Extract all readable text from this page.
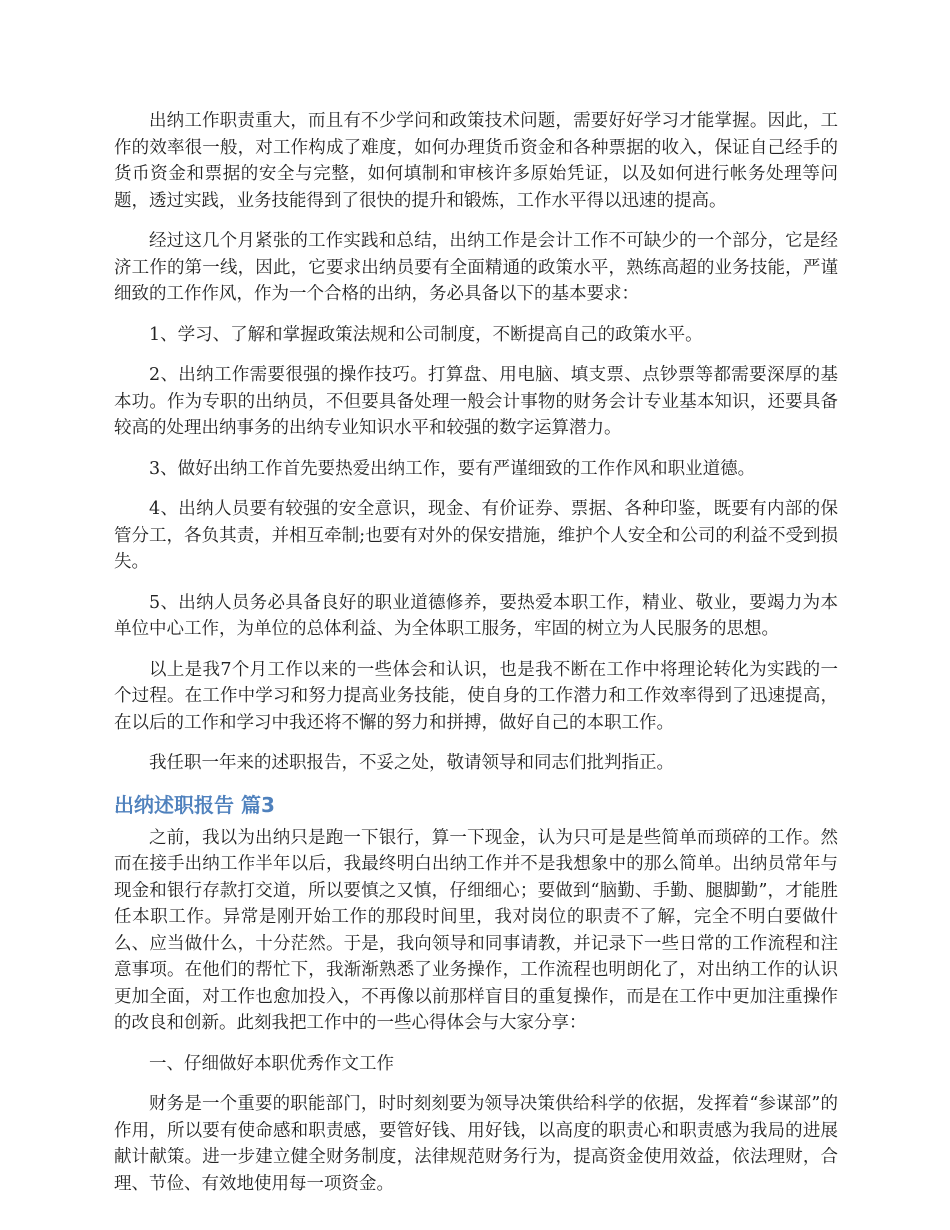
出纳工作职责重大，而且有不少学问和政策技术问题，需要好好学习才能掌握。因此，工作的效率很一般，对工作构成了难度，如何办理货币资金和各种票据的收入，保证自己经手的货币资金和票据的安全与完整，如何填制和审核许多原始凭证，以及如何进行帐务处理等问题，透过实践，业务技能得到了很快的提升和锻炼，工作水平得以迅速的提高。

经过这几个月紧张的工作实践和总结，出纳工作是会计工作不可缺少的一个部分，它是经济工作的第一线，因此，它要求出纳员要有全面精通的政策水平，熟练高超的业务技能，严谨细致的工作作风，作为一个合格的出纳，务必具备以下的基本要求：

1、学习、了解和掌握政策法规和公司制度，不断提高自己的政策水平。

2、出纳工作需要很强的操作技巧。打算盘、用电脑、填支票、点钞票等都需要深厚的基本功。作为专职的出纳员，不但要具备处理一般会计事物的财务会计专业基本知识，还要具备较高的处理出纳事务的出纳专业知识水平和较强的数字运算潜力。

3、做好出纳工作首先要热爱出纳工作，要有严谨细致的工作作风和职业道德。

4、出纳人员要有较强的安全意识，现金、有价证券、票据、各种印鉴，既要有内部的保管分工，各负其责，并相互牵制;也要有对外的保安措施，维护个人安全和公司的利益不受到损失。

5、出纳人员务必具备良好的职业道德修养，要热爱本职工作，精业、敬业，要竭力为本单位中心工作，为单位的总体利益、为全体职工服务，牢固的树立为人民服务的思想。

以上是我7个月工作以来的一些体会和认识，也是我不断在工作中将理论转化为实践的一个过程。在工作中学习和努力提高业务技能，使自身的工作潜力和工作效率得到了迅速提高，在以后的工作和学习中我还将不懈的努力和拼搏，做好自己的本职工作。

我任职一年来的述职报告，不妥之处，敬请领导和同志们批判指正。

出纳述职报告 篇3

之前，我以为出纳只是跑一下银行，算一下现金，认为只可是是些简单而琐碎的工作。然而在接手出纳工作半年以后，我最终明白出纳工作并不是我想象中的那么简单。出纳员常年与现金和银行存款打交道，所以要慎之又慎，仔细细心；要做到“脑勤、手勤、腿脚勤”，才能胜任本职工作。异常是刚开始工作的那段时间里，我对岗位的职责不了解，完全不明白要做什么、应当做什么，十分茫然。于是，我向领导和同事请教，并记录下一些日常的工作流程和注意事项。在他们的帮忙下，我渐渐熟悉了业务操作，工作流程也明朗化了，对出纳工作的认识更加全面，对工作也愈加投入，不再像以前那样盲目的重复操作，而是在工作中更加注重操作的改良和创新。此刻我把工作中的一些心得体会与大家分享：

一、仔细做好本职优秀作文工作

财务是一个重要的职能部门，时时刻刻要为领导决策供给科学的依据，发挥着“参谋部”的作用，所以要有使命感和职责感，要管好钱、用好钱，以高度的职责心和职责感为我局的进展献计献策。进一步建立健全财务制度，法律规范财务行为，提高资金使用效益，依法理财，合理、节俭、有效地使用每一项资金。
